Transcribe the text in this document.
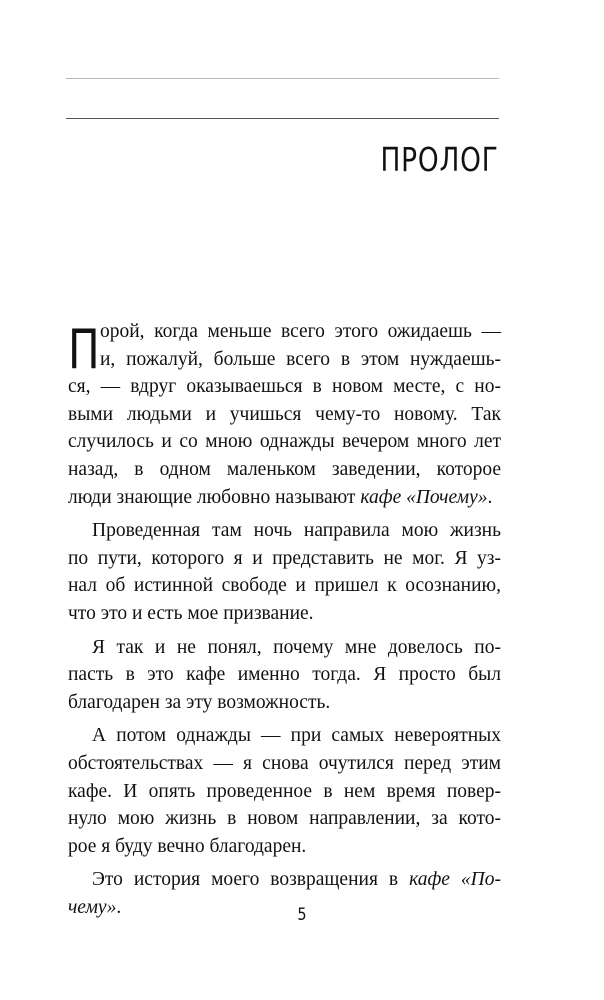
ПРОЛОГ
П орой, когда меньше всего этого ожидаешь —
и, пожалуй, больше всего в этом нуждаешь-
ся, — вдруг оказываешься в новом месте, с но-
выми людьми и учишься чему-то новому. Так
случилось и со мною однажды вечером много лет
назад, в одном маленьком заведении, которое
люди знающие любовно называют кафе «Почему».
Проведенная там ночь направила мою жизнь
по пути, которого я и представить не мог. Я уз-
нал об истинной свободе и пришел к осознанию,
что это и есть мое призвание.
Я так и не понял, почему мне довелось по-
пасть в это кафе именно тогда. Я просто был
благодарен за эту возможность.
А потом однажды — при самых невероятных
обстоятельствах — я снова очутился перед этим
кафе. И опять проведенное в нем время повер-
нуло мою жизнь в новом направлении, за кото-
рое я буду вечно благодарен.
Это история моего возвращения в кафе «По-
чему».	5
